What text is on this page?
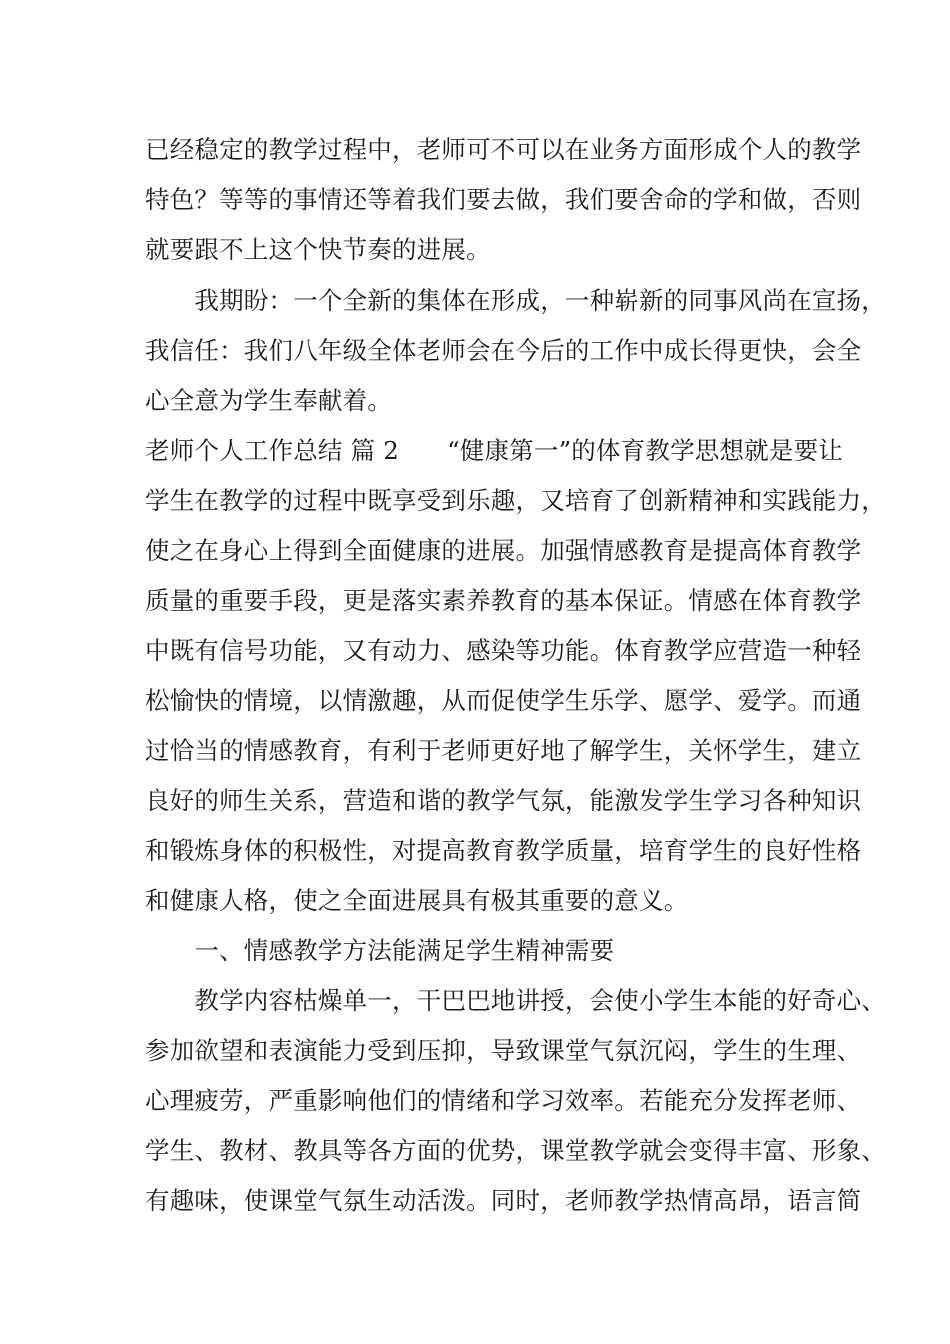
已经稳定的教学过程中，老师可不可以在业务方面形成个人的教学
特色？等等的事情还等着我们要去做，我们要舍命的学和做，否则
就要跟不上这个快节奏的进展。
　　我期盼：一个全新的集体在形成，一种崭新的同事风尚在宣扬，
我信任：我们八年级全体老师会在今后的工作中成长得更快，会全
心全意为学生奉献着。
老师个人工作总结 篇 2 “健康第一”的体育教学思想就是要让
学生在教学的过程中既享受到乐趣，又培育了创新精神和实践能力，
使之在身心上得到全面健康的进展。加强情感教育是提高体育教学
质量的重要手段，更是落实素养教育的基本保证。情感在体育教学
中既有信号功能，又有动力、感染等功能。体育教学应营造一种轻
松愉快的情境，以情激趣，从而促使学生乐学、愿学、爱学。而通
过恰当的情感教育，有利于老师更好地了解学生，关怀学生，建立
良好的师生关系，营造和谐的教学气氛，能激发学生学习各种知识
和锻炼身体的积极性，对提高教育教学质量，培育学生的良好性格
和健康人格，使之全面进展具有极其重要的意义。
　　一、情感教学方法能满足学生精神需要
　　教学内容枯燥单一，干巴巴地讲授，会使小学生本能的好奇心、
参加欲望和表演能力受到压抑，导致课堂气氛沉闷，学生的生理、
心理疲劳，严重影响他们的情绪和学习效率。若能充分发挥老师、
学生、教材、教具等各方面的优势，课堂教学就会变得丰富、形象、
有趣味，使课堂气氛生动活泼。同时，老师教学热情高昂，语言简
